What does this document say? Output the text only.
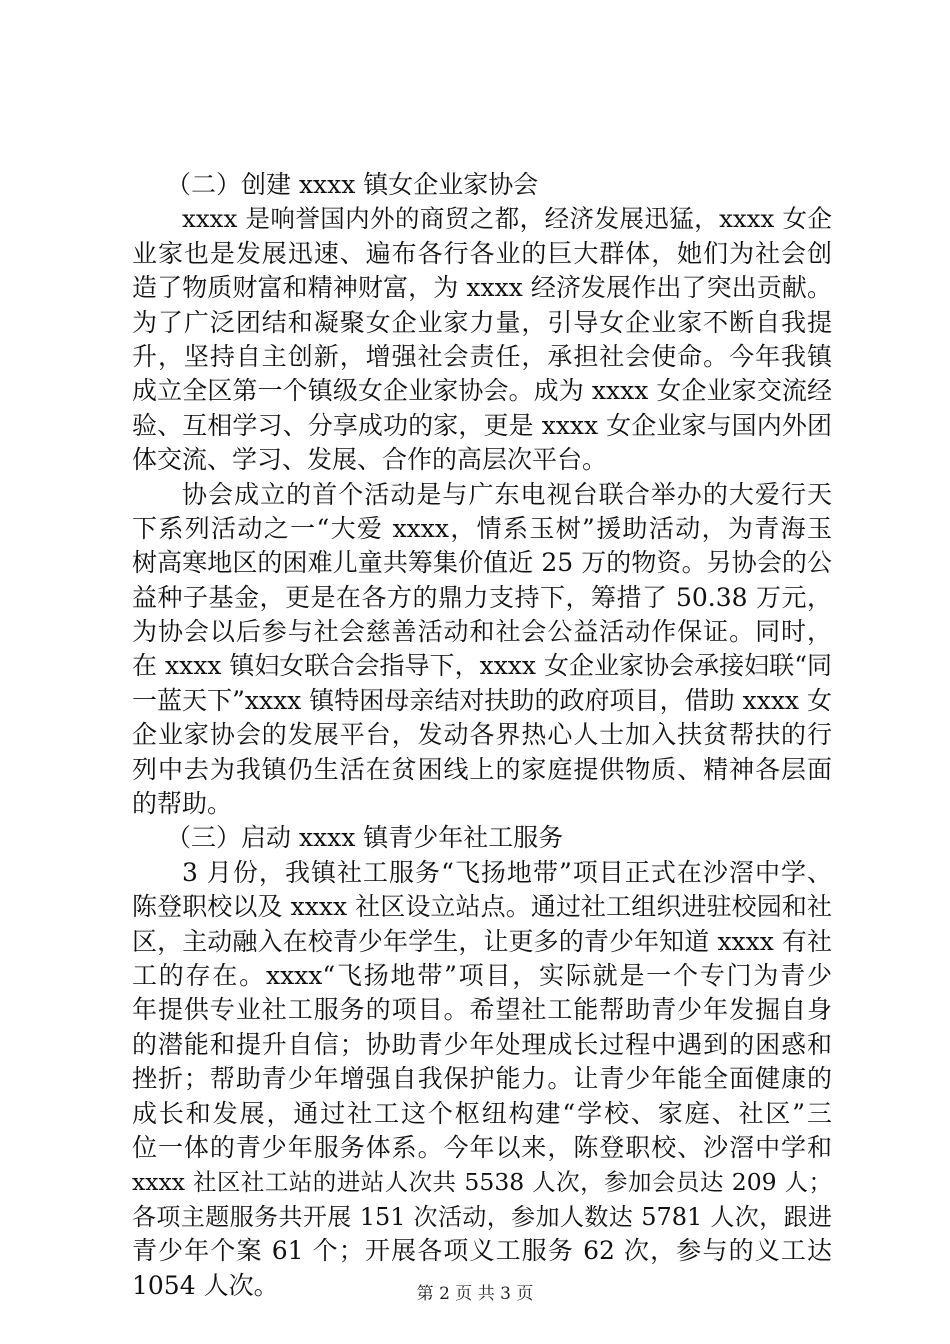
（二）创建 xxxx 镇女企业家协会
xxxx 是响誉国内外的商贸之都，经济发展迅猛，xxxx 女企
业家也是发展迅速、遍布各行各业的巨大群体，她们为社会创
造了物质财富和精神财富，为 xxxx 经济发展作出了突出贡献。
为了广泛团结和凝聚女企业家力量，引导女企业家不断自我提
升，坚持自主创新，增强社会责任，承担社会使命。今年我镇
成立全区第一个镇级女企业家协会。成为 xxxx 女企业家交流经
验、互相学习、分享成功的家，更是 xxxx 女企业家与国内外团
体交流、学习、发展、合作的高层次平台。
协会成立的首个活动是与广东电视台联合举办的大爱行天
下系列活动之一“大爱 xxxx，情系玉树”援助活动，为青海玉
树高寒地区的困难儿童共筹集价值近 25 万的物资。另协会的公
益种子基金，更是在各方的鼎力支持下，筹措了 50.38 万元，
为协会以后参与社会慈善活动和社会公益活动作保证。同时，
在 xxxx 镇妇女联合会指导下，xxxx 女企业家协会承接妇联“同
一蓝天下”xxxx 镇特困母亲结对扶助的政府项目，借助 xxxx 女
企业家协会的发展平台，发动各界热心人士加入扶贫帮扶的行
列中去为我镇仍生活在贫困线上的家庭提供物质、精神各层面
的帮助。
（三）启动 xxxx 镇青少年社工服务
3 月份，我镇社工服务“飞扬地带”项目正式在沙滘中学、
陈登职校以及 xxxx 社区设立站点。通过社工组织进驻校园和社
区，主动融入在校青少年学生，让更多的青少年知道 xxxx 有社
工的存在。xxxx“飞扬地带”项目，实际就是一个专门为青少
年提供专业社工服务的项目。希望社工能帮助青少年发掘自身
的潜能和提升自信；协助青少年处理成长过程中遇到的困惑和
挫折；帮助青少年增强自我保护能力。让青少年能全面健康的
成长和发展，通过社工这个枢纽构建“学校、家庭、社区”三
位一体的青少年服务体系。今年以来，陈登职校、沙滘中学和
xxxx 社区社工站的进站人次共 5538 人次，参加会员达 209 人；
各项主题服务共开展 151 次活动，参加人数达 5781 人次，跟进
青少年个案 61 个；开展各项义工服务 62 次，参与的义工达
1054 人次。	第 2 页 共 3 页
